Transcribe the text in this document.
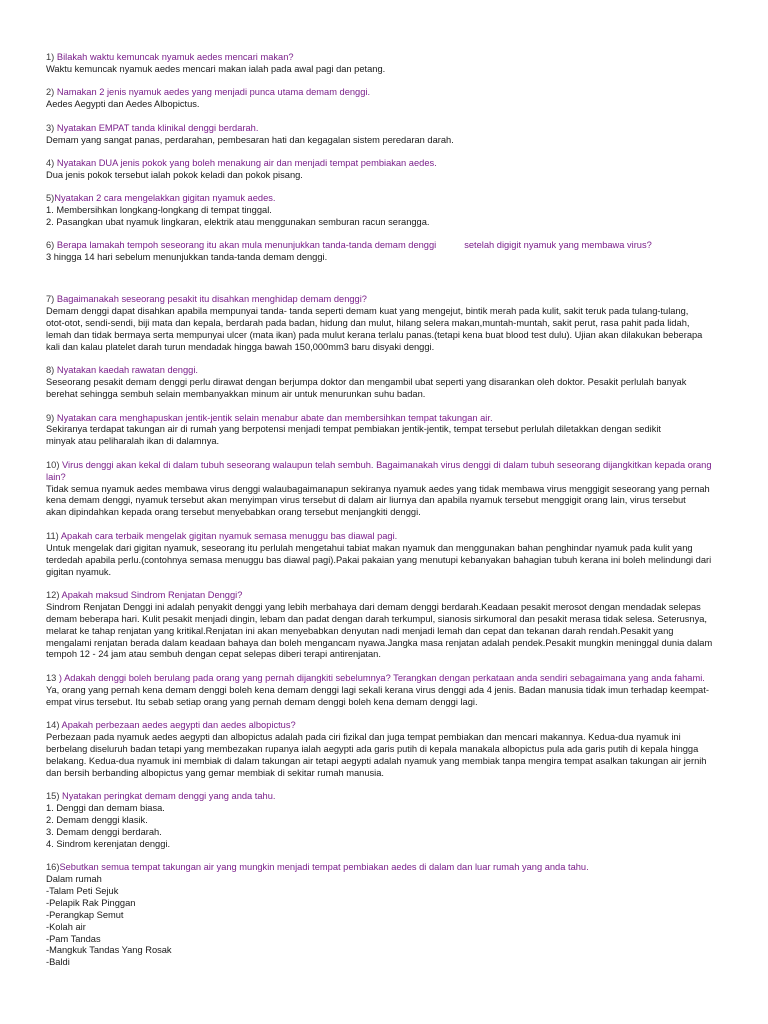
1) Bilakah waktu kemuncak nyamuk aedes mencari makan?
Waktu kemuncak nyamuk aedes mencari makan ialah pada awal pagi dan petang.
2) Namakan 2 jenis nyamuk aedes yang menjadi punca utama demam denggi.
Aedes Aegypti dan Aedes Albopictus.
3) Nyatakan EMPAT tanda klinikal denggi berdarah.
Demam yang sangat panas, perdarahan, pembesaran hati dan kegagalan sistem peredaran darah.
4) Nyatakan DUA jenis pokok yang boleh menakung air dan menjadi tempat pembiakan aedes.
Dua jenis pokok tersebut ialah pokok keladi dan pokok pisang.
5)Nyatakan 2 cara mengelakkan gigitan nyamuk aedes.
1. Membersihkan longkang-longkang di tempat tinggal.
2. Pasangkan ubat nyamuk lingkaran, elektrik atau menggunakan semburan racun serangga.
6) Berapa lamakah tempoh seseorang itu akan mula menunjukkan tanda-tanda demam denggi	setelah digigit nyamuk yang membawa virus?
3 hingga 14 hari sebelum menunjukkan tanda-tanda demam denggi.
7) Bagaimanakah seseorang pesakit itu disahkan menghidap demam denggi?
Demam denggi dapat disahkan apabila mempunyai tanda- tanda seperti demam kuat yang mengejut, bintik merah pada kulit, sakit teruk pada tulang-tulang,
otot-otot, sendi-sendi, biji mata dan kepala, berdarah pada badan, hidung dan mulut, hilang selera makan,muntah-muntah, sakit perut, rasa pahit pada lidah,
lemah dan tidak bermaya serta mempunyai ulcer (mata ikan) pada mulut kerana terlalu panas.(tetapi kena buat blood test dulu). Ujian akan dilakukan beberapa
kali dan kalau platelet darah turun mendadak hingga bawah 150,000mm3 baru disyaki denggi.
8) Nyatakan kaedah rawatan denggi.
Seseorang pesakit demam denggi perlu dirawat dengan berjumpa doktor dan mengambil ubat seperti yang disarankan oleh doktor. Pesakit perlulah banyak
berehat sehingga sembuh selain membanyakkan minum air untuk menurunkan suhu badan.
9) Nyatakan cara menghapuskan jentik-jentik selain menabur abate dan membersihkan tempat takungan air.
Sekiranya terdapat takungan air di rumah yang berpotensi menjadi tempat pembiakan jentik-jentik, tempat tersebut perlulah diletakkan dengan sedikit
minyak atau peliharalah ikan di dalamnya.
10) Virus denggi akan kekal di dalam tubuh seseorang walaupun telah sembuh. Bagaimanakah virus denggi di dalam tubuh seseorang dijangkitkan kepada orang
lain?
Tidak semua nyamuk aedes membawa virus denggi walaubagaimanapun sekiranya nyamuk aedes yang tidak membawa virus menggigit seseorang yang pernah
kena demam denggi, nyamuk tersebut akan menyimpan virus tersebut di dalam air liurnya dan apabila nyamuk tersebut menggigit orang lain, virus tersebut
akan dipindahkan kepada orang tersebut menyebabkan orang tersebut menjangkiti denggi.
11) Apakah cara terbaik mengelak gigitan nyamuk semasa menuggu bas diawal pagi.
Untuk mengelak dari gigitan nyamuk, seseorang itu perlulah mengetahui tabiat makan nyamuk dan menggunakan bahan penghindar nyamuk pada kulit yang
terdedah apabila perlu.(contohnya semasa menuggu bas diawal pagi).Pakai pakaian yang menutupi kebanyakan bahagian tubuh kerana ini boleh melindungi dari
gigitan nyamuk.
12) Apakah maksud Sindrom Renjatan Denggi?
Sindrom Renjatan Denggi ini adalah penyakit denggi yang lebih merbahaya dari demam denggi berdarah.Keadaan pesakit merosot dengan mendadak selepas
demam beberapa hari. Kulit pesakit menjadi dingin, lebam dan padat dengan darah terkumpul, sianosis sirkumoral dan pesakit merasa tidak selesa. Seterusnya,
melarat ke tahap renjatan yang kritikal.Renjatan ini akan menyebabkan denyutan nadi menjadi lemah dan cepat dan tekanan darah rendah.Pesakit yang
mengalami renjatan berada dalam keadaan bahaya dan boleh mengancam nyawa.Jangka masa renjatan adalah pendek.Pesakit mungkin meninggal dunia dalam
tempoh 12 - 24 jam atau sembuh dengan cepat selepas diberi terapi antirenjatan.
13 ) Adakah denggi boleh berulang pada orang yang pernah dijangkiti sebelumnya? Terangkan dengan perkataan anda sendiri sebagaimana yang anda fahami.
Ya, orang yang pernah kena demam denggi boleh kena demam denggi lagi sekali kerana virus denggi ada 4 jenis. Badan manusia tidak imun terhadap keempat-
empat virus tersebut. Itu sebab setiap orang yang pernah demam denggi boleh kena demam denggi lagi.
14) Apakah perbezaan aedes aegypti dan aedes albopictus?
Perbezaan pada nyamuk aedes aegypti dan albopictus adalah pada ciri fizikal dan juga tempat pembiakan dan mencari makannya. Kedua-dua nyamuk ini
berbelang diseluruh badan tetapi yang membezakan rupanya ialah aegypti ada garis putih di kepala manakala albopictus pula ada garis putih di kepala hingga
belakang. Kedua-dua nyamuk ini membiak di dalam takungan air tetapi aegypti adalah nyamuk yang membiak tanpa mengira tempat asalkan takungan air jernih
dan bersih berbanding albopictus yang gemar membiak di sekitar rumah manusia.
15) Nyatakan peringkat demam denggi yang anda tahu.
1. Denggi dan demam biasa.
2. Demam denggi klasik.
3. Demam denggi berdarah.
4. Sindrom kerenjatan denggi.
16)Sebutkan semua tempat takungan air yang mungkin menjadi tempat pembiakan aedes di dalam dan luar rumah yang anda tahu.
Dalam rumah
-Talam Peti Sejuk
-Pelapik Rak Pinggan
-Perangkap Semut
-Kolah air
-Pam Tandas
-Mangkuk Tandas Yang Rosak
-Baldi
